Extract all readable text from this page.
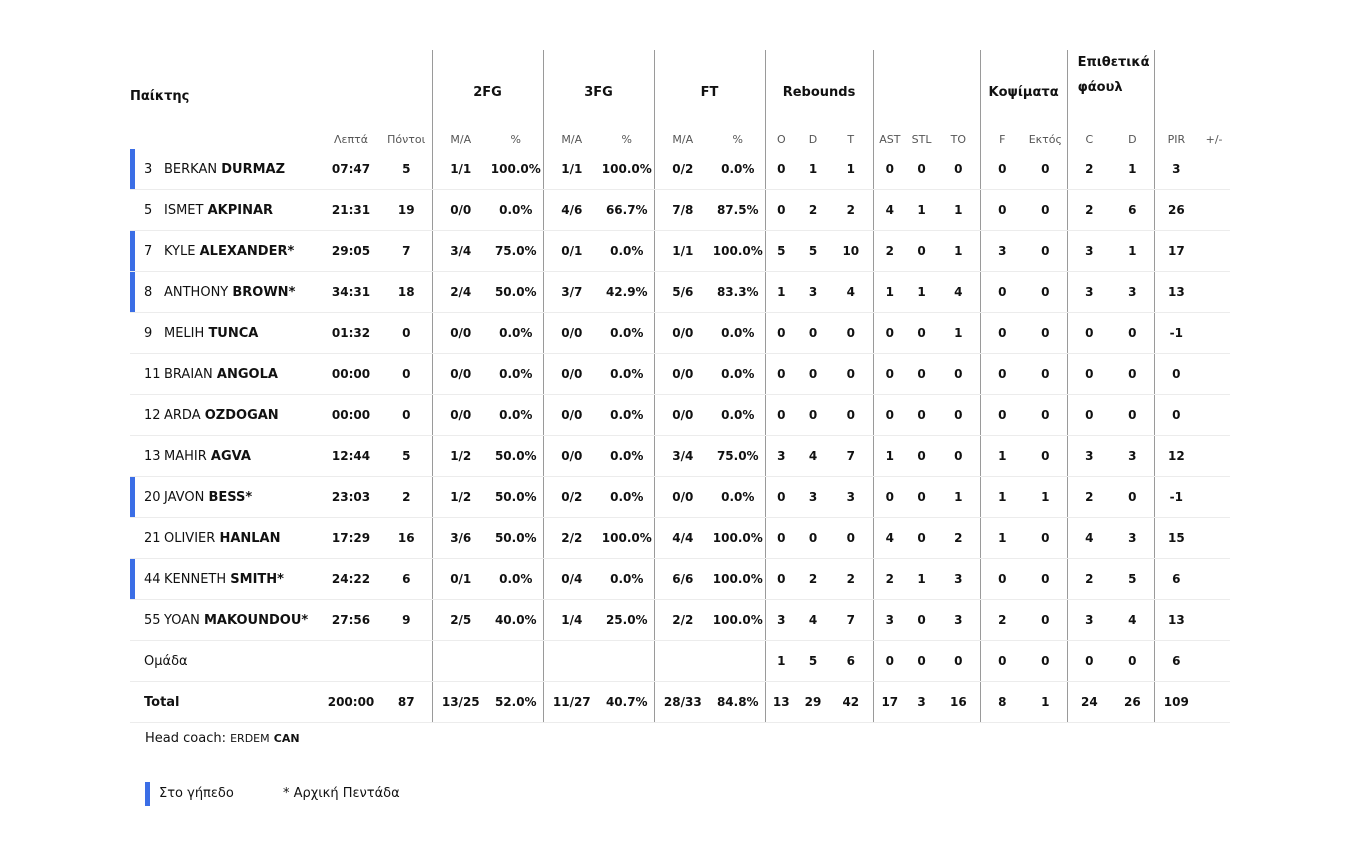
Παίκτης			2FG		3FG		FT		Rebounds						Κοψίματα		Επιθετικά φάουλ			
	Λεπτά	Πόντοι	M/A	%	M/A	%	M/A	%	O	D	T	AST	STL	TO	F	Εκτός	C	D	PIR	+/-

3 BERKAN DURMAZ	07:47	5	1/1	100.0%	1/1	100.0%	0/2	0.0%	0	1	1	0	0	0	0	0	2	1	3	
5 ISMET AKPINAR	21:31	19	0/0	0.0%	4/6	66.7%	7/8	87.5%	0	2	2	4	1	1	0	0	2	6	26	

7 KYLE ALEXANDER*	29:05	7	3/4	75.0%	0/1	0.0%	1/1	100.0%	5	5	10	2	0	1	3	0	3	1	17	

8 ANTHONY BROWN*	34:31	18	2/4	50.0%	3/7	42.9%	5/6	83.3%	1	3	4	1	1	4	0	0	3	3	13	
9 MELIH TUNCA	01:32	0	0/0	0.0%	0/0	0.0%	0/0	0.0%	0	0	0	0	0	1	0	0	0	0	-1	
11 BRAIAN ANGOLA	00:00	0	0/0	0.0%	0/0	0.0%	0/0	0.0%	0	0	0	0	0	0	0	0	0	0	0	
12 ARDA OZDOGAN	00:00	0	0/0	0.0%	0/0	0.0%	0/0	0.0%	0	0	0	0	0	0	0	0	0	0	0	
13 MAHIR AGVA	12:44	5	1/2	50.0%	0/0	0.0%	3/4	75.0%	3	4	7	1	0	0	1	0	3	3	12	

20 JAVON BESS*	23:03	2	1/2	50.0%	0/2	0.0%	0/0	0.0%	0	3	3	0	0	1	1	1	2	0	-1	
21 OLIVIER HANLAN	17:29	16	3/6	50.0%	2/2	100.0%	4/4	100.0%	0	0	0	4	0	2	1	0	4	3	15	

44 KENNETH SMITH*	24:22	6	0/1	0.0%	0/4	0.0%	6/6	100.0%	0	2	2	2	1	3	0	0	2	5	6	
55 YOAN MAKOUNDOU*	27:56	9	2/5	40.0%	1/4	25.0%	2/2	100.0%	3	4	7	3	0	3	2	0	3	4	13	
Ομάδα									1	5	6	0	0	0	0	0	0	0	6	
Total	200:00	87	13/25	52.0%	11/27	40.7%	28/33	84.8%	13	29	42	17	3	16	8	1	24	26	109	
Head coach: ERDEM CAN
Στο γήπεδο	* Αρχική Πεντάδα
